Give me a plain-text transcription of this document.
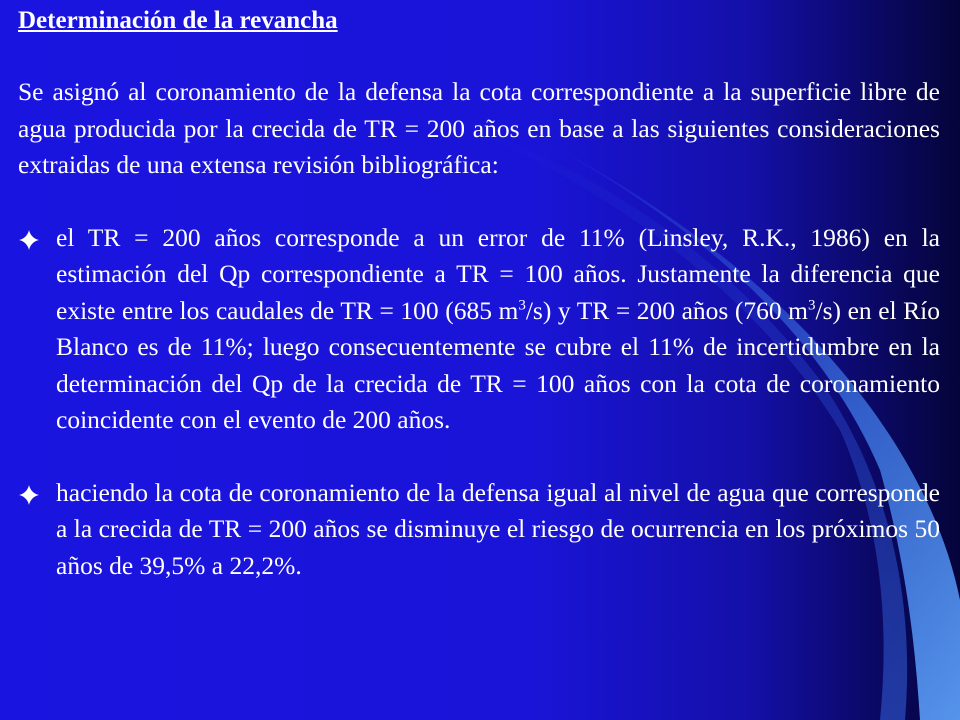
Determinación de la revancha

Se asignó al coronamiento de la defensa la cota correspondiente a la superficie libre de agua producida por la crecida de TR = 200 años en base a las siguientes consideraciones extraidas de una extensa revisión bibliográfica:

el TR = 200 años corresponde a un error de 11% (Linsley, R.K., 1986) en la estimación del Qp correspondiente a TR = 100 años. Justamente la diferencia que existe entre los caudales de TR = 100 (685 $m^3/s$) y TR = 200 años (760 $m^3/s$) en el Río Blanco es de 11%; luego consecuentemente se cubre el 11% de incertidumbre en la determinación del Qp de la crecida de TR = 100 años con la cota de coronamiento coincidente con el evento de 200 años.
haciendo la cota de coronamiento de la defensa igual al nivel de agua que corresponde a la crecida de TR = 200 años se disminuye el riesgo de ocurrencia en los próximos 50 años de 39,5% a 22,2%.
